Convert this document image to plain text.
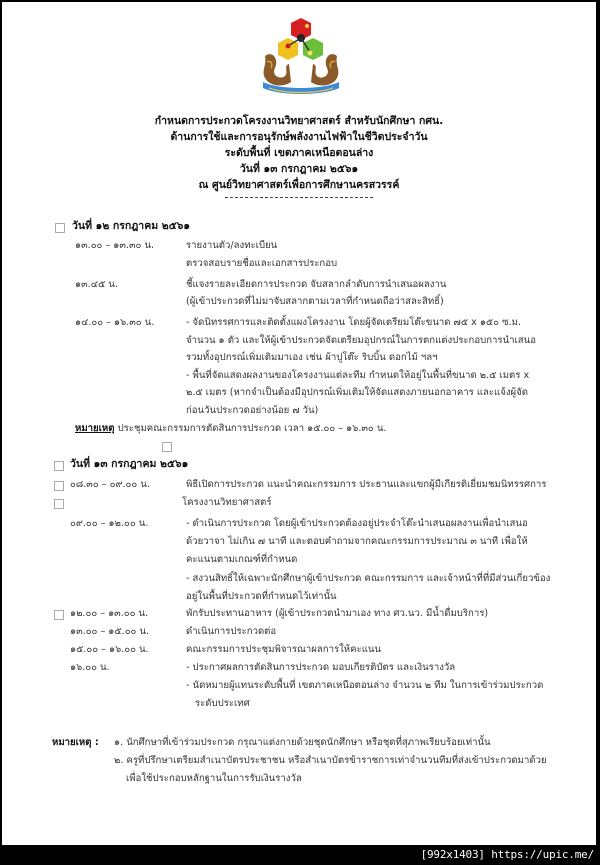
กำหนดการประกวดโครงงานวิทยาศาสตร์ สำหรับนักศึกษา กศน.
ด้านการใช้และการอนุรักษ์พลังงานไฟฟ้าในชีวิตประจำวัน
ระดับพื้นที่ เขตภาคเหนือตอนล่าง
วันที่ ๑๓ กรกฎาคม ๒๕๖๑
ณ ศูนย์วิทยาศาสตร์เพื่อการศึกษานครสวรรค์
วันที่ ๑๒ กรกฎาคม ๒๕๖๑
๑๓.๐๐ – ๑๓.๓๐ น.	รายงานตัว/ลงทะเบียน
ตรวจสอบรายชื่อและเอกสารประกอบ
๑๓.๔๕ น.	ชี้แจงรายละเอียดการประกวด จับสลากลำดับการนำเสนอผลงาน
(ผู้เข้าประกวดที่ไม่มาจับสลากตามเวลาที่กำหนดถือว่าสละสิทธิ์)
๑๔.๐๐ – ๑๖.๓๐ น.	- จัดนิทรรศการและติดตั้งแผงโครงงาน โดยผู้จัดเตรียมโต๊ะขนาด ๗๕ x ๑๕๐ ซ.ม.
จำนวน ๑ ตัว และให้ผู้เข้าประกวดจัดเตรียมอุปกรณ์ในการตกแต่งประกอบการนำเสนอ
รวมทั้งอุปกรณ์เพิ่มเติมมาเอง เช่น ผ้าปูโต๊ะ ริบบิ้น ดอกไม้ ฯลฯ
- พื้นที่จัดแสดงผลงานของโครงงานแต่ละทีม กำหนดให้อยู่ในพื้นที่ขนาด ๒.๕ เมตร x
๒.๕ เมตร (หากจำเป็นต้องมีอุปกรณ์เพิ่มเติมให้จัดแสดงภายนอกอาคาร และแจ้งผู้จัด
ก่อนวันประกวดอย่างน้อย ๗ วัน)
หมายเหตุ ประชุมคณะกรรมการตัดสินการประกวด เวลา ๑๕.๐๐ – ๑๖.๓๐ น.
วันที่ ๑๓ กรกฎาคม ๒๕๖๑
๐๘.๓๐ – ๐๙.๐๐ น.	พิธีเปิดการประกวด แนะนำคณะกรรมการ ประธานและแขกผู้มีเกียรติเยี่ยมชมนิทรรศการ
โครงงานวิทยาศาสตร์
๐๙.๐๐ – ๑๒.๐๐ น.	- ดำเนินการประกวด โดยผู้เข้าประกวดต้องอยู่ประจำโต๊ะนำเสนอผลงานเพื่อนำเสนอ
ด้วยวาจา ไม่เกิน ๗ นาที และตอบคำถามจากคณะกรรมการประมาณ ๓ นาที เพื่อให้
คะแนนตามเกณฑ์ที่กำหนด
- สงวนสิทธิ์ให้เฉพาะนักศึกษาผู้เข้าประกวด คณะกรรมการ และเจ้าหน้าที่ที่มีส่วนเกี่ยวข้อง
อยู่ในพื้นที่ประกวดที่กำหนดไว้เท่านั้น
๑๒.๐๐ – ๑๓.๐๐ น.	พักรับประทานอาหาร (ผู้เข้าประกวดนำมาเอง ทาง ศว.นว. มีน้ำดื่มบริการ)
๑๓.๐๐ – ๑๕.๐๐ น.	ดำเนินการประกวดต่อ
๑๕.๐๐ – ๑๖.๐๐ น.	คณะกรรมการประชุมพิจารณาผลการให้คะแนน
๑๖.๐๐ น.	- ประกาศผลการตัดสินการประกวด มอบเกียรติบัตร และเงินรางวัล
- นัดหมายผู้แทนระดับพื้นที่ เขตภาคเหนือตอนล่าง จำนวน ๒ ทีม ในการเข้าร่วมประกวด
ระดับประเทศ
หมายเหตุ : ๑. นักศึกษาที่เข้าร่วมประกวด กรุณาแต่งกายด้วยชุดนักศึกษา หรือชุดที่สุภาพเรียบร้อยเท่านั้น
๒. ครูที่ปรึกษาเตรียมสำเนาบัตรประชาชน หรือสำเนาบัตรข้าราชการเท่าจำนวนทีมที่ส่งเข้าประกวดมาด้วย
เพื่อใช้ประกอบหลักฐานในการรับเงินรางวัล
[992x1403] https://upic.me/
